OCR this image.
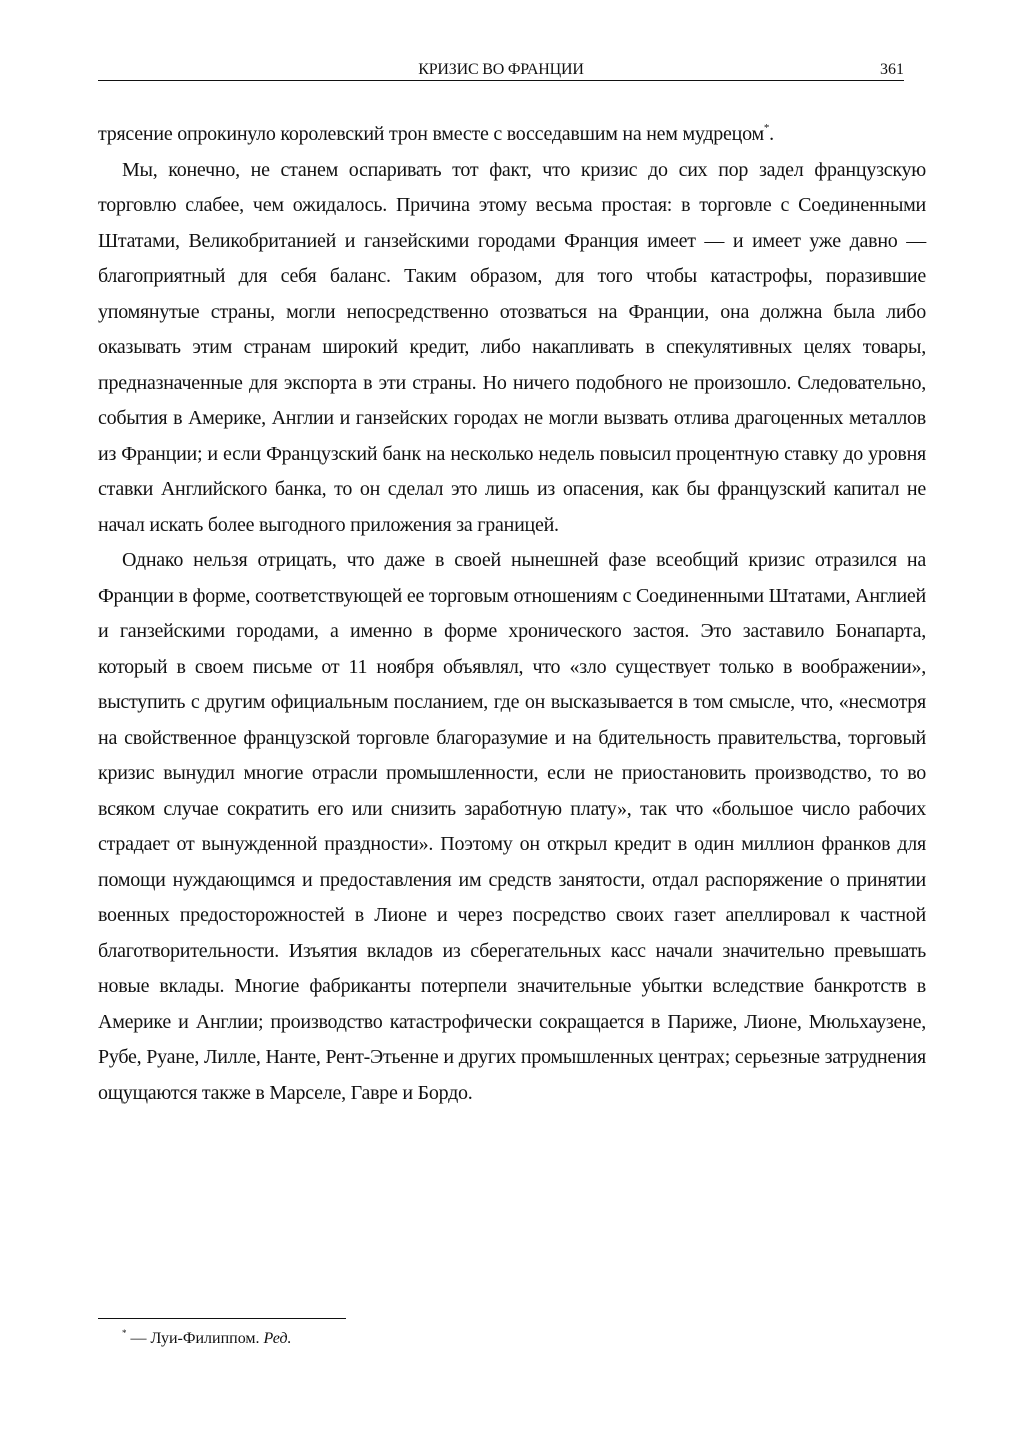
КРИЗИС ВО ФРАНЦИИ	361

трясение опрокинуло королевский трон вместе с восседавшим на нем мудрецом*.

Мы, конечно, не станем оспаривать тот факт, что кризис до сих пор задел французскую торговлю слабее, чем ожидалось. Причина этому весьма простая: в торговле с Соединенными Штатами, Великобританией и ганзейскими городами Франция имеет — и имеет уже давно — благоприятный для себя баланс. Таким образом, для того чтобы катастрофы, поразившие упомянутые страны, могли непосредственно отозваться на Франции, она должна была либо оказывать этим странам широкий кредит, либо накапливать в спекулятивных целях товары, предназначенные для экспорта в эти страны. Но ничего подобного не произошло. Следовательно, события в Америке, Англии и ганзейских городах не могли вызвать отлива драгоценных металлов из Франции; и если Французский банк на несколько недель повысил процентную ставку до уровня ставки Английского банка, то он сделал это лишь из опасения, как бы французский капитал не начал искать более выгодного приложения за границей.

Однако нельзя отрицать, что даже в своей нынешней фазе всеобщий кризис отразился на Франции в форме, соответствующей ее торговым отношениям с Соединенными Штатами, Англией и ганзейскими городами, а именно в форме хронического застоя. Это заставило Бонапарта, который в своем письме от 11 ноября объявлял, что «зло существует только в воображении», выступить с другим официальным посланием, где он высказывается в том смысле, что, «несмотря на свойственное французской торговле благоразумие и на бдительность правительства, торговый кризис вынудил многие отрасли промышленности, если не приостановить производство, то во всяком случае сократить его или снизить заработную плату», так что «большое число рабочих страдает от вынужденной праздности». Поэтому он открыл кредит в один миллион франков для помощи нуждающимся и предоставления им средств занятости, отдал распоряжение о принятии военных предосторожностей в Лионе и через посредство своих газет апеллировал к частной благотворительности. Изъятия вкладов из сберегательных касс начали значительно превышать новые вклады. Многие фабриканты потерпели значительные убытки вследствие банкротств в Америке и Англии; производство катастрофически сокращается в Париже, Лионе, Мюльхаузене, Рубе, Руане, Лилле, Нанте, Рент-Этьенне и других промышленных центрах; серьезные затруднения ощущаются также в Марселе, Гавре и Бордо.

* — Луи-Филиппом. Ред.
